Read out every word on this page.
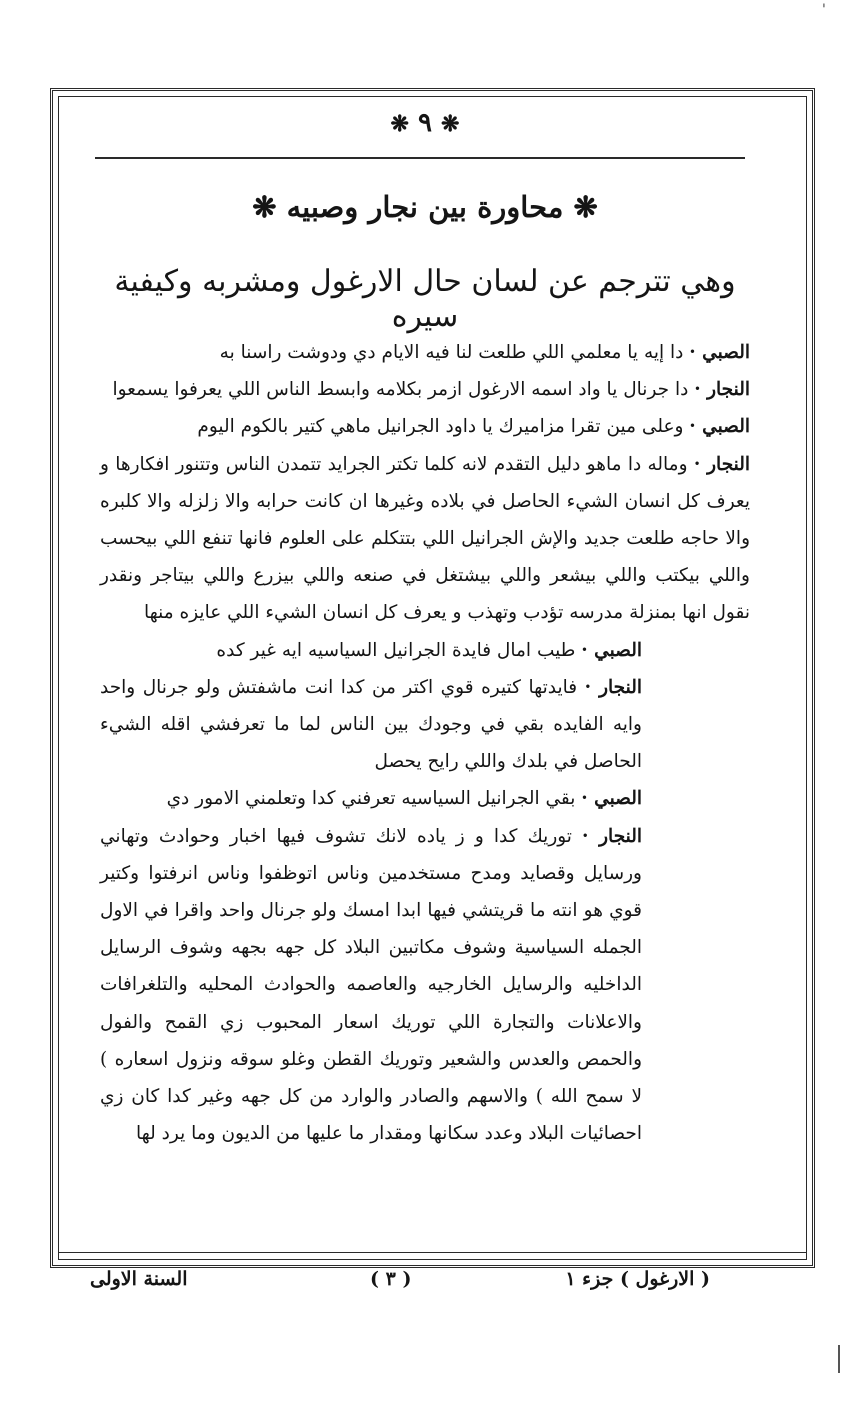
❋ ٩ ❋
❋ محاورة بين نجار وصبيه ❋
وهي تترجم عن لسان حال الارغول ومشربه وكيفية سيره

الصبي · دا إيه يا معلمي اللي طلعت لنا فيه الايام دي ودوشت راسنا به

النجار · دا جرنال يا واد اسمه الارغول ازمر بكلامه وابسط الناس اللي يعرفوا يسمعوا

الصبي · وعلى مين تقرا مزاميرك يا داود الجرانيل ماهي كتير بالكوم اليوم

النجار · وماله دا ماهو دليل التقدم لانه كلما تكتر الجرايد تتمدن الناس وتتنور افكارها و يعرف كل انسان الشيء الحاصل في بلاده وغيرها ان كانت حرابه والا زلزله والا كلبره والا حاجه طلعت جديد والإش الجرانيل اللي بتتكلم على العلوم فانها تنفع اللي بيحسب واللي بيكتب واللي بيشعر واللي بيشتغل في صنعه واللي بيزرع واللي بيتاجر ونقدر نقول انها بمنزلة مدرسه تؤدب وتهذب و يعرف كل انسان الشيء اللي عايزه منها

الصبي · طيب امال فايدة الجرانيل السياسيه ايه غير كده

النجار · فايدتها كتيره قوي اكتر من كدا انت ماشفتش ولو جرنال واحد وايه الفايده بقي في وجودك بين الناس لما ما تعرفشي اقله الشيء الحاصل في بلدك واللي رايح يحصل

الصبي · بقي الجرانيل السياسيه تعرفني كدا وتعلمني الامور دي

النجار · توريك كدا و ز ياده لانك تشوف فيها اخبار وحوادث وتهاني ورسايل وقصايد ومدح مستخدمين وناس اتوظفوا وناس انرفتوا وكتير قوي هو انته ما قريتشي فيها ابدا امسك ولو جرنال واحد واقرا في الاول الجمله السياسية وشوف مكاتبين البلاد كل جهه بجهه وشوف الرسايل الداخليه والرسايل الخارجيه والعاصمه والحوادث المحليه والتلغرافات والاعلانات والتجارة اللي توريك اسعار المحبوب زي القمح والفول والحمص والعدس والشعير وتوريك القطن وغلو سوقه ونزول اسعاره ) لا سمح الله ) والاسهم والصادر والوارد من كل جهه وغير كدا كان زي احصائيات البلاد وعدد سكانها ومقدار ما عليها من الديون وما يرد لها

( الارغول ) جزء ١
( ٣ )
السنة الاولى
'
